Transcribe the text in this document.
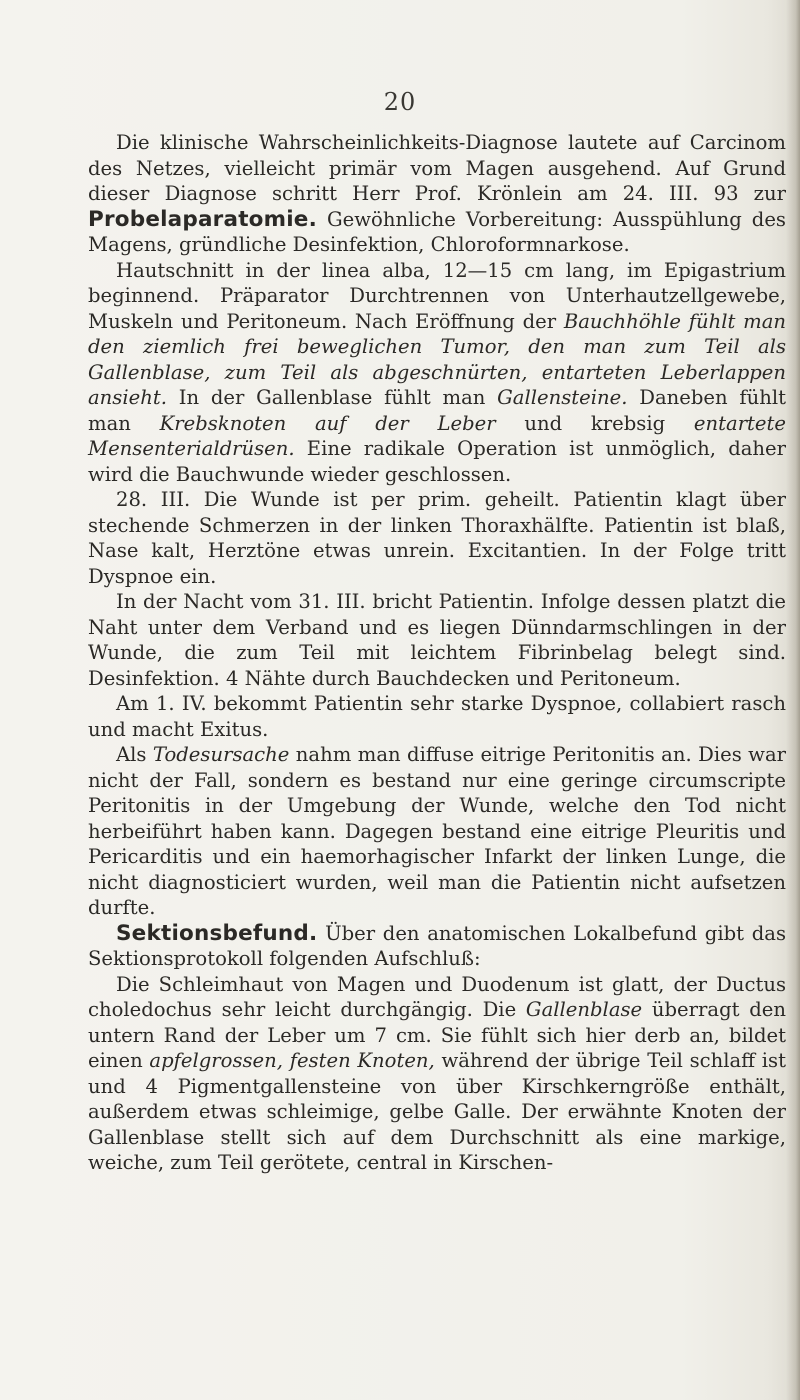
20

Die klinische Wahrscheinlichkeits-Diagnose lautete auf Carcinom des Netzes, vielleicht primär vom Magen ausgehend. Auf Grund dieser Diagnose schritt Herr Prof. Krönlein am 24. III. 93 zur Probelaparatomie. Gewöhnliche Vorbereitung: Ausspühlung des Magens, gründliche Desinfektion, Chloroformnarkose.

Hautschnitt in der linea alba, 12—15 cm lang, im Epigastrium beginnend. Präparator Durchtrennen von Unterhautzellgewebe, Muskeln und Peritoneum. Nach Eröffnung der Bauchhöhle fühlt man den ziemlich frei beweglichen Tumor, den man zum Teil als Gallenblase, zum Teil als abgeschnürten, entarteten Leberlappen ansieht. In der Gallenblase fühlt man Gallensteine. Daneben fühlt man Krebsknoten auf der Leber und krebsig entartete Mensenterialdrüsen. Eine radikale Operation ist unmöglich, daher wird die Bauchwunde wieder geschlossen.

28. III. Die Wunde ist per prim. geheilt. Patientin klagt über stechende Schmerzen in der linken Thoraxhälfte. Patientin ist blaß, Nase kalt, Herztöne etwas unrein. Excitantien. In der Folge tritt Dyspnoe ein.

In der Nacht vom 31. III. bricht Patientin. Infolge dessen platzt die Naht unter dem Verband und es liegen Dünndarmschlingen in der Wunde, die zum Teil mit leichtem Fibrinbelag belegt sind. Desinfektion. 4 Nähte durch Bauchdecken und Peritoneum.

Am 1. IV. bekommt Patientin sehr starke Dyspnoe, collabiert rasch und macht Exitus.

Als Todesursache nahm man diffuse eitrige Peritonitis an. Dies war nicht der Fall, sondern es bestand nur eine geringe circumscripte Peritonitis in der Umgebung der Wunde, welche den Tod nicht herbeiführt haben kann. Dagegen bestand eine eitrige Pleuritis und Pericarditis und ein haemorhagischer Infarkt der linken Lunge, die nicht diagnosticiert wurden, weil man die Patientin nicht aufsetzen durfte.

Sektionsbefund. Über den anatomischen Lokalbefund gibt das Sektionsprotokoll folgenden Aufschluß:

Die Schleimhaut von Magen und Duodenum ist glatt, der Ductus choledochus sehr leicht durchgängig. Die Gallenblase überragt den untern Rand der Leber um 7 cm. Sie fühlt sich hier derb an, bildet einen apfelgrossen, festen Knoten, während der übrige Teil schlaff ist und 4 Pigmentgallensteine von über Kirschkerngröße enthält, außerdem etwas schleimige, gelbe Galle. Der erwähnte Knoten der Gallenblase stellt sich auf dem Durchschnitt als eine markige, weiche, zum Teil gerötete, central in Kirschen-
